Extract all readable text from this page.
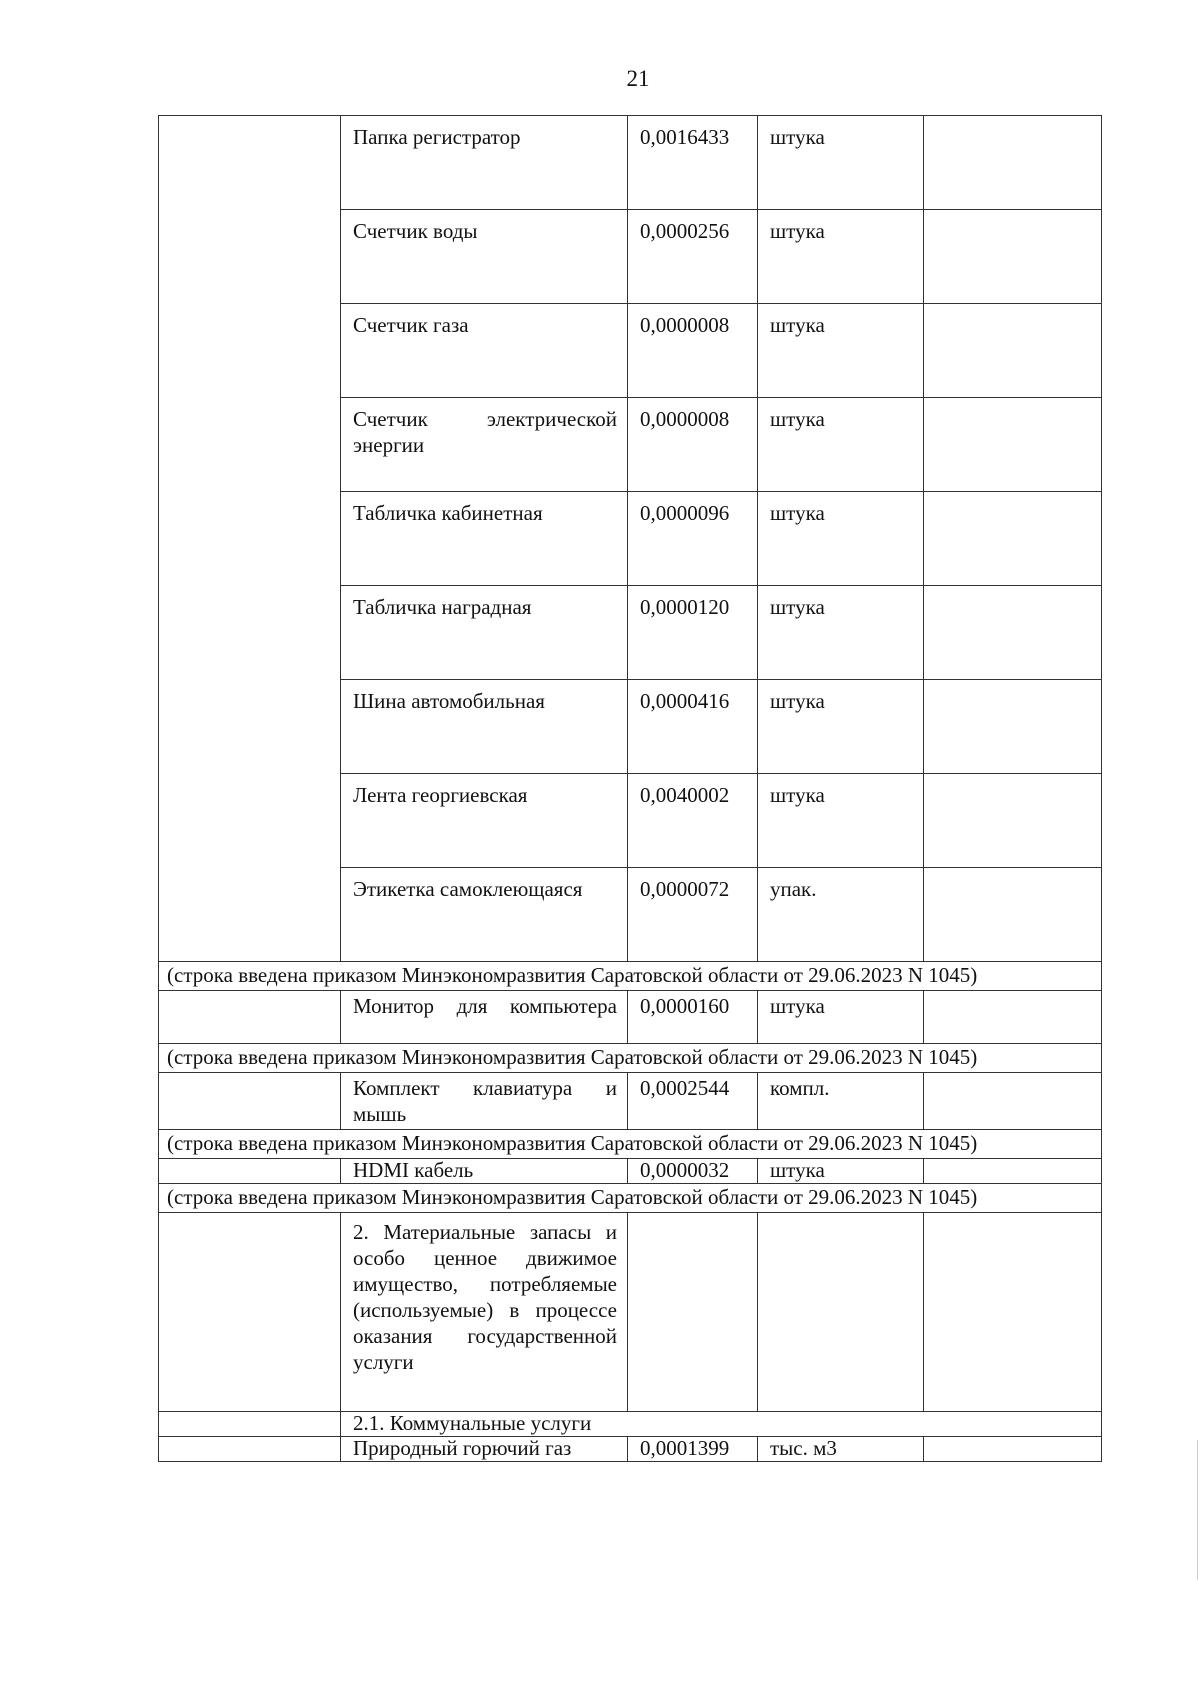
21
	Папка регистратор	0,0016433	штука	
	Счетчик воды	0,0000256	штука	
	Счетчик газа	0,0000008	штука	
	Счетчик электрической энергии	0,0000008	штука	
	Табличка кабинетная	0,0000096	штука	
	Табличка наградная	0,0000120	штука	
	Шина автомобильная	0,0000416	штука	
	Лента георгиевская	0,0040002	штука	
	Этикетка самоклеющаяся	0,0000072	упак.	
(строка введена приказом Минэкономразвития Саратовской области от 29.06.2023 N 1045)				
	Монитор для компьютера	0,0000160	штука	
(строка введена приказом Минэкономразвития Саратовской области от 29.06.2023 N 1045)				
	Комплект клавиатура и мышь	0,0002544	компл.	
(строка введена приказом Минэкономразвития Саратовской области от 29.06.2023 N 1045)				
	HDMI кабель	0,0000032	штука	
(строка введена приказом Минэкономразвития Саратовской области от 29.06.2023 N 1045)				
	2. Материальные запасы и особо ценное движимое имущество, потребляемые (используемые) в процессе оказания государственной услуги			
	2.1. Коммунальные услуги			
	Природный горючий газ	0,0001399	тыс. м3	
